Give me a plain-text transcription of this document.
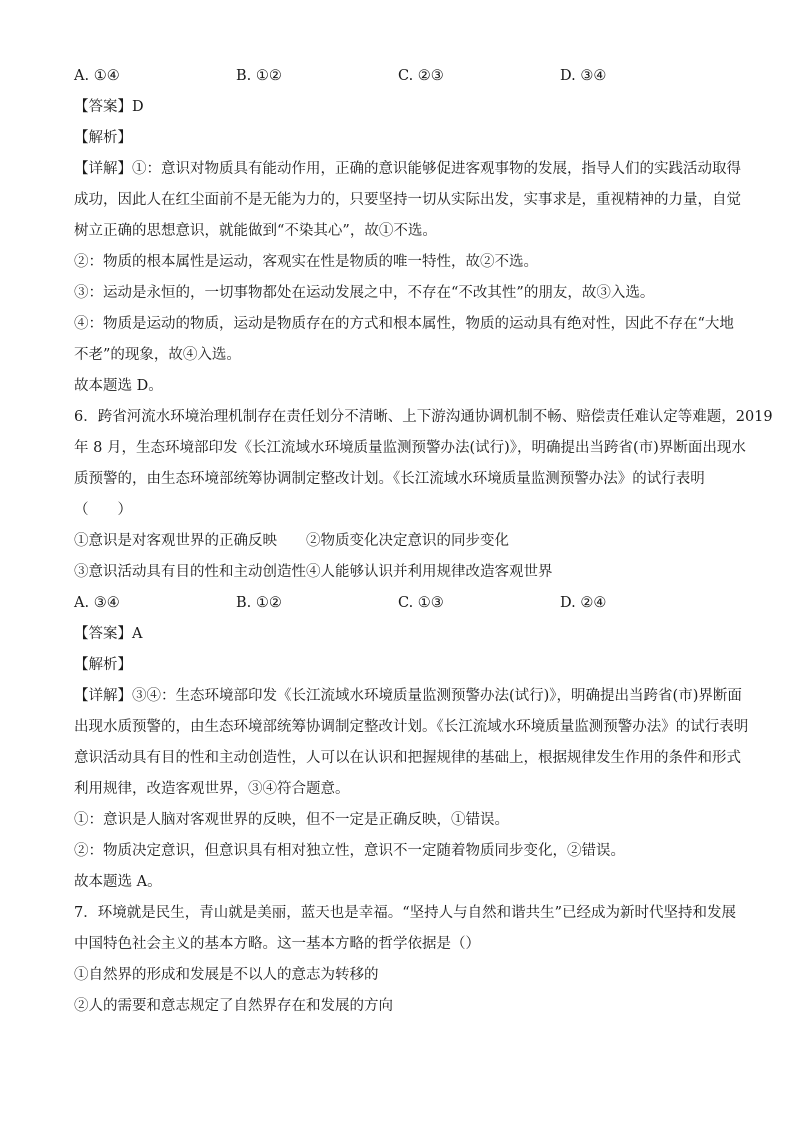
A. ①④	B. ①②	C. ②③	D. ③④
【答案】D
【解析】
【详解】①：意识对物质具有能动作用，正确的意识能够促进客观事物的发展，指导人们的实践活动取得
成功，因此人在红尘面前不是无能为力的，只要坚持一切从实际出发，实事求是，重视精神的力量，自觉
树立正确的思想意识，就能做到“不染其心”，故①不选。
②：物质的根本属性是运动，客观实在性是物质的唯一特性，故②不选。
③：运动是永恒的，一切事物都处在运动发展之中，不存在“不改其性”的朋友，故③入选。
④：物质是运动的物质，运动是物质存在的方式和根本属性，物质的运动具有绝对性，因此不存在“大地
不老”的现象，故④入选。
故本题选 D。
6．跨省河流水环境治理机制存在责任划分不清晰、上下游沟通协调机制不畅、赔偿责任难认定等难题，2019
年 8 月，生态环境部印发《长江流域水环境质量监测预警办法(试行)》，明确提出当跨省(市)界断面出现水
质预警的，由生态环境部统筹协调制定整改计划。《长江流域水环境质量监测预警办法》的试行表明
（　　）
①意识是对客观世界的正确反映	②物质变化决定意识的同步变化
③意识活动具有目的性和主动创造性 ④人能够认识并利用规律改造客观世界
A. ③④	B. ①②	C. ①③	D. ②④
【答案】A
【解析】
【详解】③④：生态环境部印发《长江流域水环境质量监测预警办法(试行)》，明确提出当跨省(市)界断面
出现水质预警的，由生态环境部统筹协调制定整改计划。《长江流域水环境质量监测预警办法》的试行表明
意识活动具有目的性和主动创造性，人可以在认识和把握规律的基础上，根据规律发生作用的条件和形式
利用规律，改造客观世界，③④符合题意。
①：意识是人脑对客观世界的反映，但不一定是正确反映，①错误。
②：物质决定意识，但意识具有相对独立性，意识不一定随着物质同步变化，②错误。
故本题选 A。
7．环境就是民生，青山就是美丽，蓝天也是幸福。“坚持人与自然和谐共生”已经成为新时代坚持和发展
中国特色社会主义的基本方略。这一基本方略的哲学依据是（）
①自然界的形成和发展是不以人的意志为转移的
②人的需要和意志规定了自然界存在和发展的方向
